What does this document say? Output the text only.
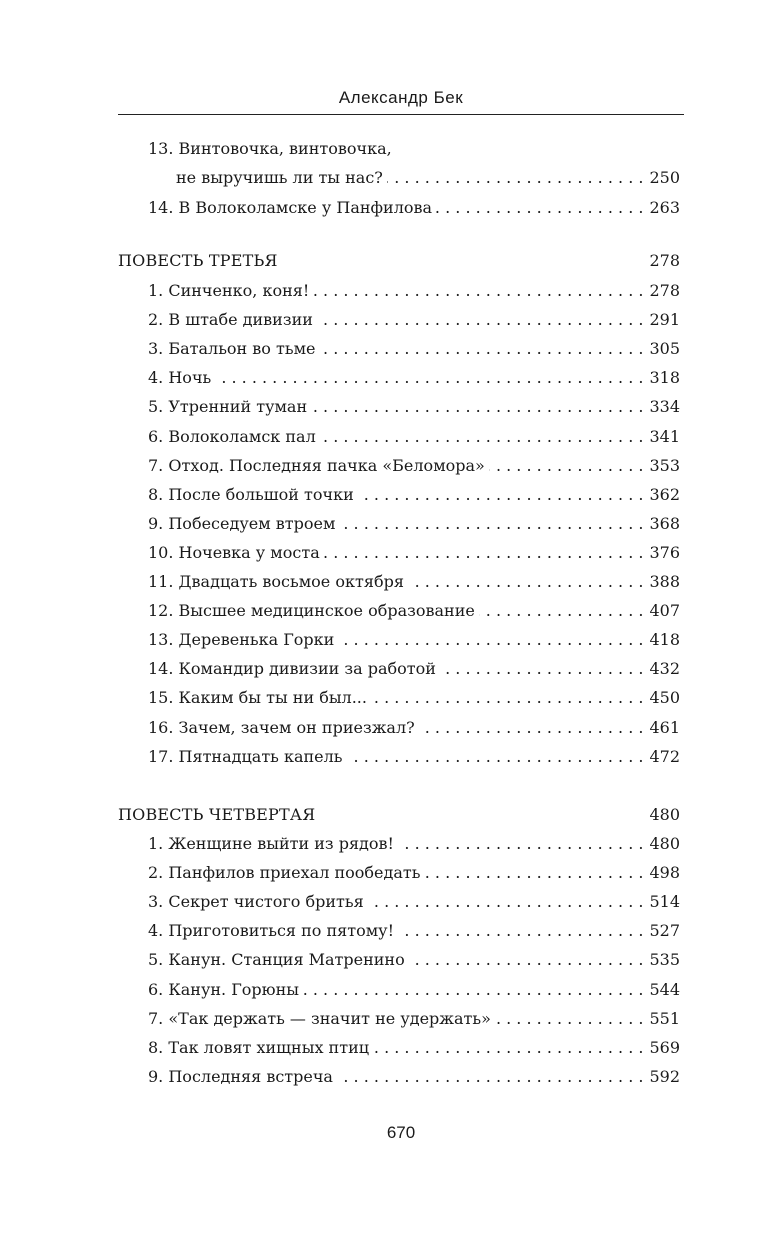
Александр Бек
13. Винтовочка, винтовочка,
не выручишь ли ты нас? . . .	250
14. В Волоколамске у Панфилова . . .	263
ПОВЕСТЬ ТРЕТЬЯ	278
1. Синченко, коня! . . .	278
2. В штабе дивизии . . .	291
3. Батальон во тьме . . .	305
4. Ночь . . .	318
5. Утренний туман . . .	334
6. Волоколамск пал . . .	341
7. Отход. Последняя пачка «Беломора» . . .	353
8. После большой точки . . .	362
9. Побеседуем втроем . . .	368
10. Ночевка у моста . . .	376
11. Двадцать восьмое октября . . .	388
12. Высшее медицинское образование . . .	407
13. Деревенька Горки . . .	418
14. Командир дивизии за работой . . .	432
15. Каким бы ты ни был... . . .	450
16. Зачем, зачем он приезжал? . . .	461
17. Пятнадцать капель . . .	472
ПОВЕСТЬ ЧЕТВЕРТАЯ	480
1. Женщине выйти из рядов! . . .	480
2. Панфилов приехал пообедать . . .	498
3. Секрет чистого бритья . . .	514
4. Приготовиться по пятому! . . .	527
5. Канун. Станция Матренино . . .	535
6. Канун. Горюны . . .	544
7. «Так держать — значит не удержать» . . .	551
8. Так ловят хищных птиц . . .	569
9. Последняя встреча . . .	592
670
